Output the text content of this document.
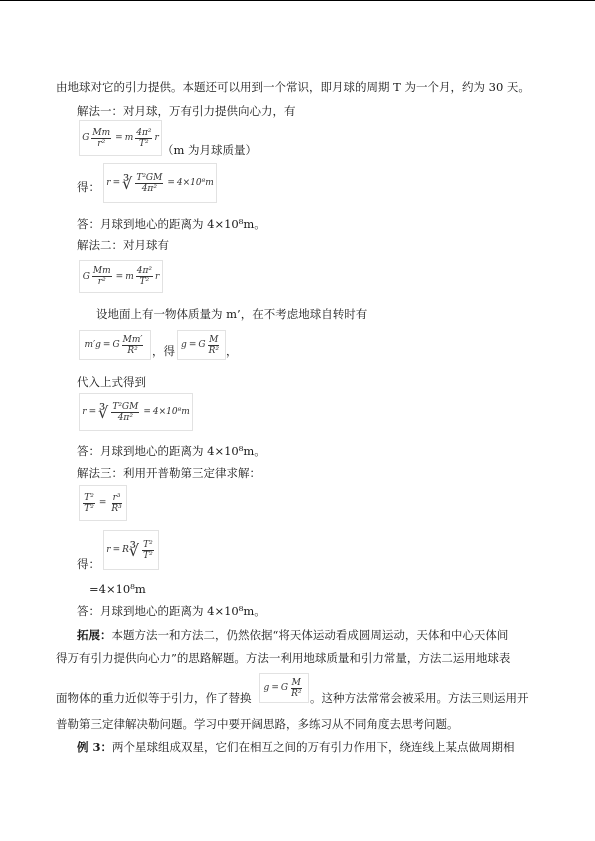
由地球对它的引力提供。本题还可以用到一个常识，即月球的周期 T 为一个月，约为 30 天。
解法一：对月球，万有引力提供向心力，有
G $\frac{Mm}{\text{r²}} = m \frac{\text{4π²}}{\text{T²}}$ r
（m 为月球质量）
得： r = ∛ $\frac{\text{T²GM}}{\text{4π²}} = 4\times 10^8m$
答：月球到地心的距离为 4×10⁸m。
解法二：对月球有
G $\frac{Mm}{\text{r²}} = m \frac{\text{4π²}}{\text{T²}}$ r
设地面上有一物体质量为 m’，在不考虑地球自转时有
m′g = G $\frac{Mm'}{\text{R²}}$ ，得 g = G $\frac{M}{\text{R²}}$ ，
代入上式得到
r = ∛ $\frac{\text{T²GM}}{\text{4π²}} = 4\times 10^8m$
答：月球到地心的距离为 4×10⁸m。
解法三：利用开普勒第三定律求解：
$\frac{\text{T²}}{\text{T²}} = \frac{\text{r³}}{\text{R³}}$
得：
r = R ∛ $\frac{\text{T²}}{\text{T²}}$
=4×10⁸m
答：月球到地心的距离为 4×10⁸m。
拓展：本题方法一和方法二，仍然依据“将天体运动看成圆周运动，天体和中心天体间
得万有引力提供向心力”的思路解题。方法一利用地球质量和引力常量，方法二运用地球表
面物体的重力近似等于引力，作了替换
g = G $\frac{M}{\text{R²}}$ 。这种方法常常会被采用。方法三则运用开
普勒第三定律解决勒问题。学习中要开阔思路，多练习从不同角度去思考问题。
例 3：两个星球组成双星，它们在相互之间的万有引力作用下，绕连线上某点做周期相
